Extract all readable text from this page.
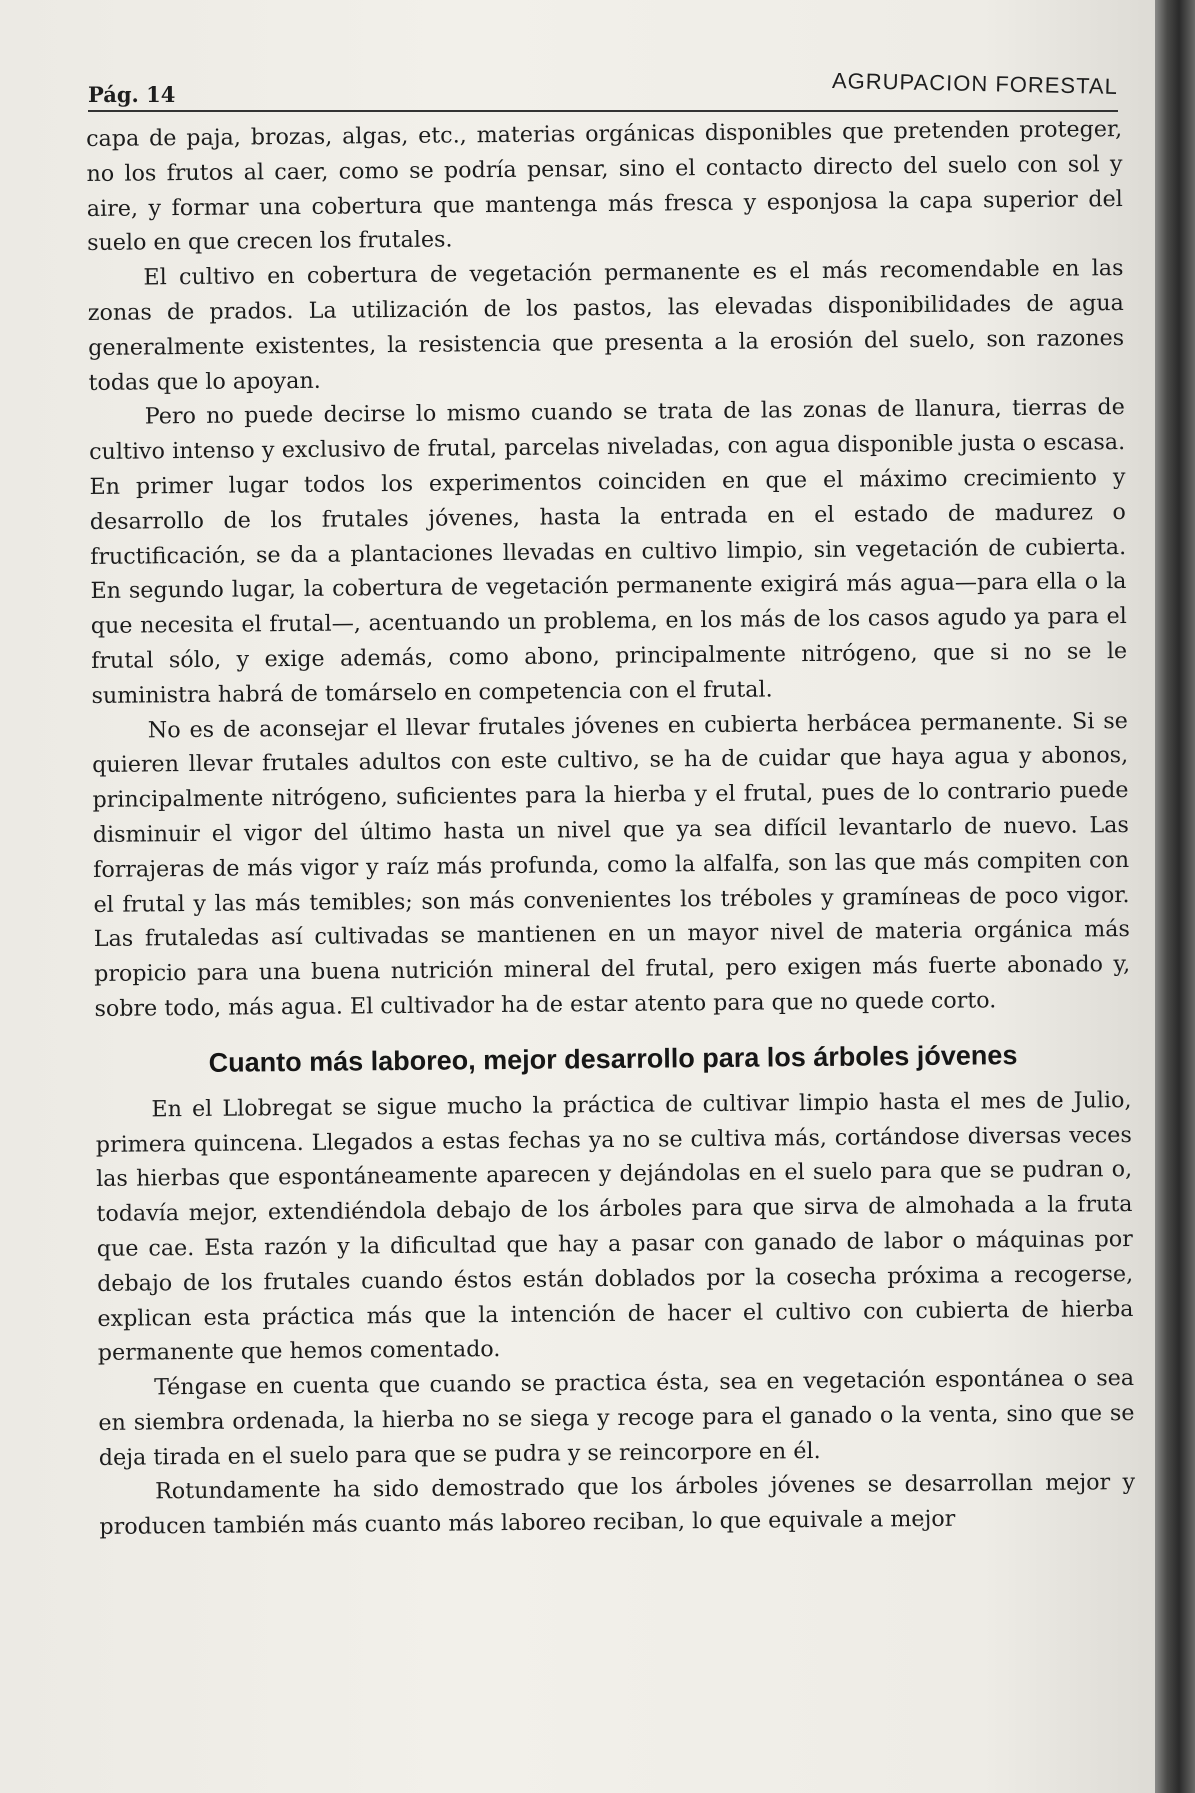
Pág. 14	AGRUPACION FORESTAL

capa de paja, brozas, algas, etc., materias orgánicas disponibles que pretenden proteger, no los frutos al caer, como se podría pensar, sino el contacto directo del suelo con sol y aire, y formar una cobertura que mantenga más fresca y esponjosa la capa superior del suelo en que crecen los frutales.

El cultivo en cobertura de vegetación permanente es el más recomendable en las zonas de prados. La utilización de los pastos, las elevadas disponibilidades de agua generalmente existentes, la resistencia que presenta a la erosión del suelo, son razones todas que lo apoyan.

Pero no puede decirse lo mismo cuando se trata de las zonas de llanura, tierras de cultivo intenso y exclusivo de frutal, parcelas niveladas, con agua disponible justa o escasa. En primer lugar todos los experimentos coinciden en que el máximo crecimiento y desarrollo de los frutales jóvenes, hasta la entrada en el estado de madurez o fructificación, se da a plantaciones llevadas en cultivo limpio, sin vegetación de cubierta. En segundo lugar, la cobertura de vegetación permanente exigirá más agua—para ella o la que necesita el frutal—, acentuando un problema, en los más de los casos agudo ya para el frutal sólo, y exige además, como abono, principalmente nitrógeno, que si no se le suministra habrá de tomárselo en competencia con el frutal.

No es de aconsejar el llevar frutales jóvenes en cubierta herbácea permanente. Si se quieren llevar frutales adultos con este cultivo, se ha de cuidar que haya agua y abonos, principalmente nitrógeno, suficientes para la hierba y el frutal, pues de lo contrario puede disminuir el vigor del último hasta un nivel que ya sea difícil levantarlo de nuevo. Las forrajeras de más vigor y raíz más profunda, como la alfalfa, son las que más compiten con el frutal y las más temibles; son más convenientes los tréboles y gramíneas de poco vigor. Las frutaledas así cultivadas se mantienen en un mayor nivel de materia orgánica más propicio para una buena nutrición mineral del frutal, pero exigen más fuerte abonado y, sobre todo, más agua. El cultivador ha de estar atento para que no quede corto.

Cuanto más laboreo, mejor desarrollo para los árboles jóvenes

En el Llobregat se sigue mucho la práctica de cultivar limpio hasta el mes de Julio, primera quincena. Llegados a estas fechas ya no se cultiva más, cortándose diversas veces las hierbas que espontáneamente aparecen y dejándolas en el suelo para que se pudran o, todavía mejor, extendiéndola debajo de los árboles para que sirva de almohada a la fruta que cae. Esta razón y la dificultad que hay a pasar con ganado de labor o máquinas por debajo de los frutales cuando éstos están doblados por la cosecha próxima a recogerse, explican esta práctica más que la intención de hacer el cultivo con cubierta de hierba permanente que hemos comentado.

Téngase en cuenta que cuando se practica ésta, sea en vegetación espontánea o sea en siembra ordenada, la hierba no se siega y recoge para el ganado o la venta, sino que se deja tirada en el suelo para que se pudra y se reincorpore en él.

Rotundamente ha sido demostrado que los árboles jóvenes se desarrollan mejor y producen también más cuanto más laboreo reciban, lo que equivale a mejor
